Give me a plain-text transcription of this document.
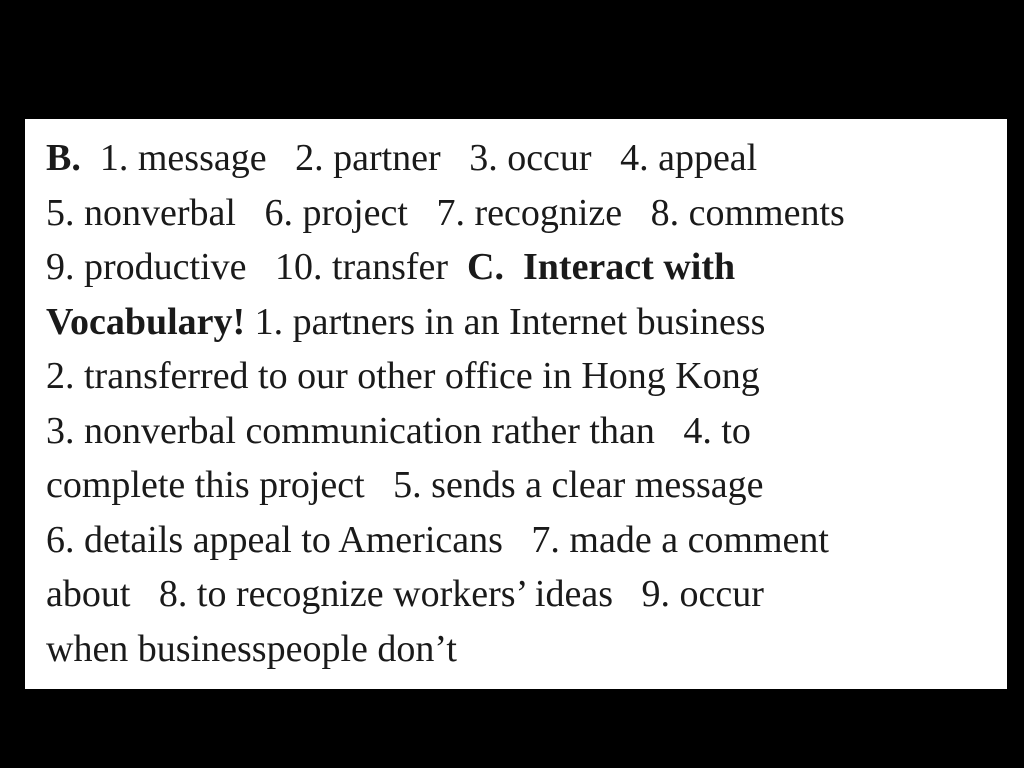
B.  1. message   2. partner   3. occur   4. appeal
5. nonverbal   6. project   7. recognize   8. comments
9. productive   10. transfer  C.  Interact with
Vocabulary! 1. partners in an Internet business
2. transferred to our other office in Hong Kong
3. nonverbal communication rather than   4. to
complete this project   5. sends a clear message
6. details appeal to Americans   7. made a comment
about   8. to recognize workers’ ideas   9. occur
when businesspeople don’t
